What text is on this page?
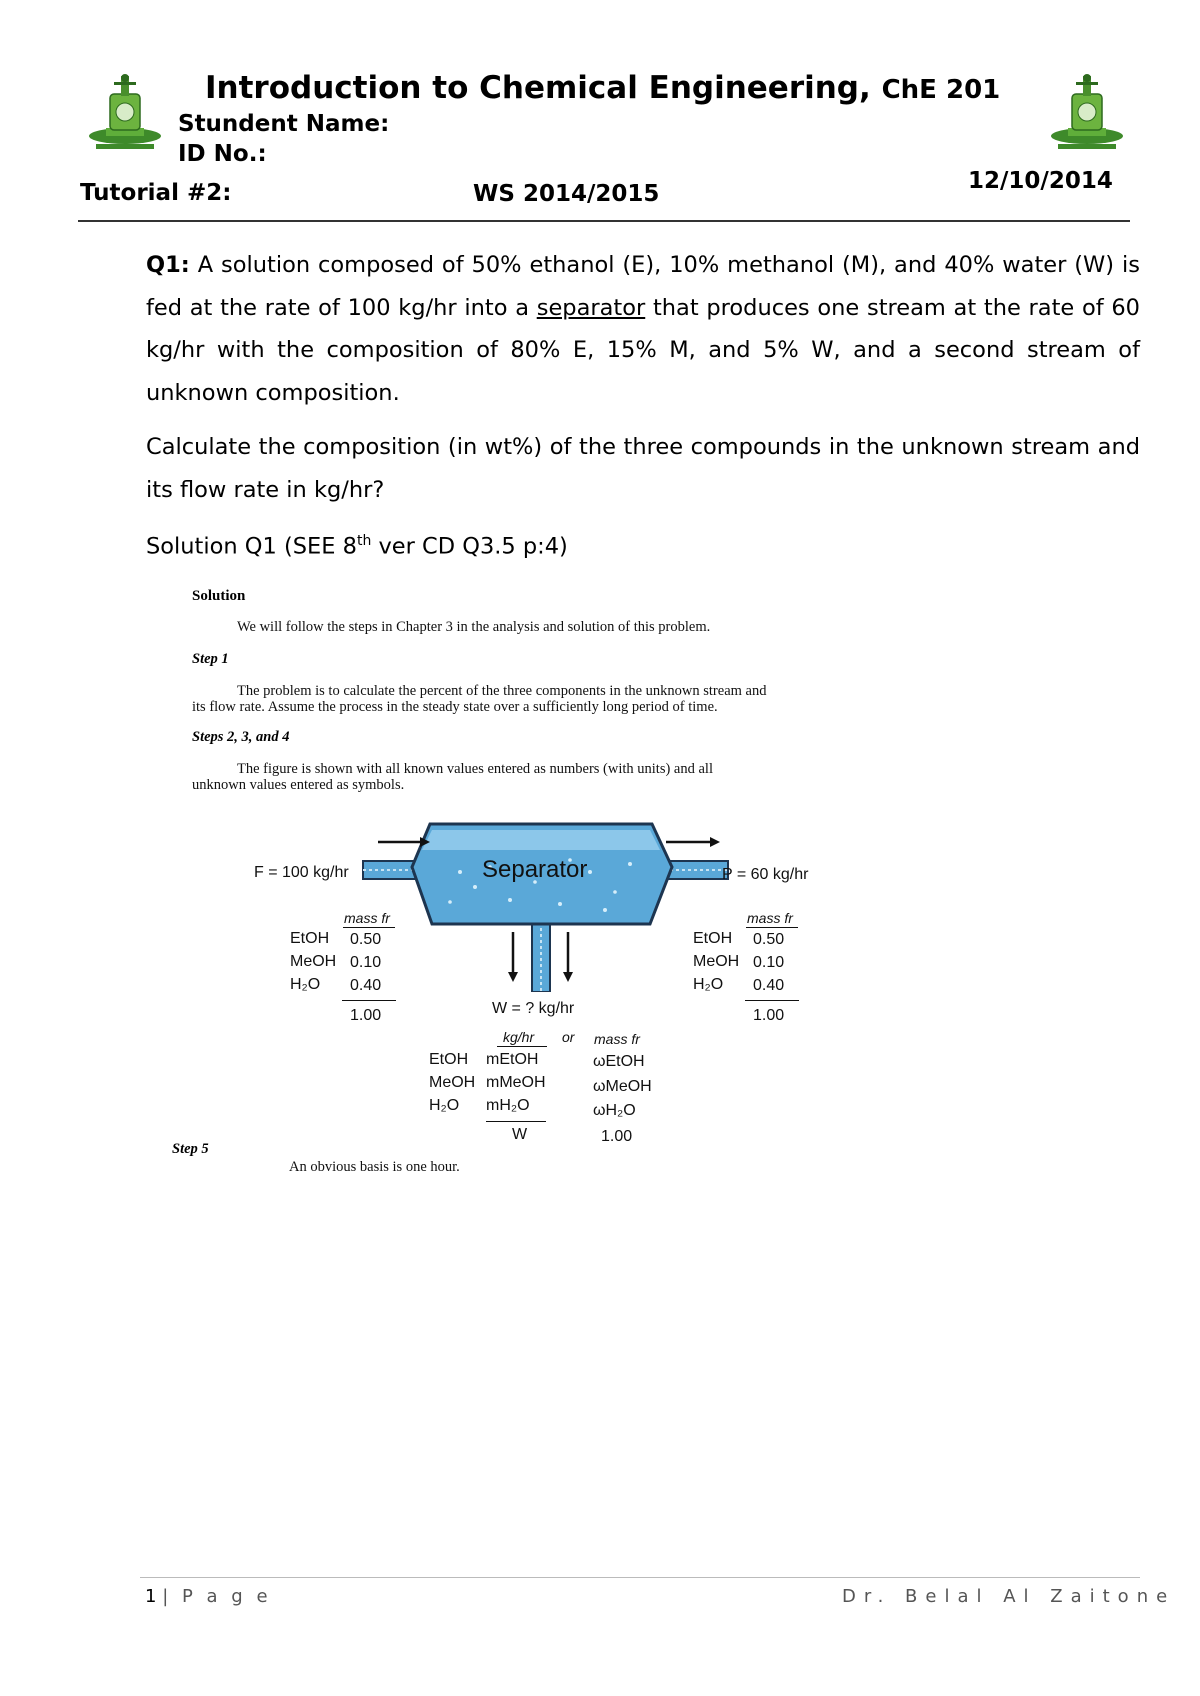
Introduction to Chemical Engineering, ChE 201
Stundent Name:
ID No.:
Tutorial #2:	WS 2014/2015	12/10/2014
Q1: A solution composed of 50% ethanol (E), 10% methanol (M), and 40% water (W) is fed at the rate of 100 kg/hr into a separator that produces one stream at the rate of 60 kg/hr with the composition of 80% E, 15% M, and 5% W, and a second stream of unknown composition.
Calculate the composition (in wt%) of the three compounds in the unknown stream and its flow rate in kg/hr?
Solution Q1 (SEE 8th ver CD Q3.5 p:4)
Solution
We will follow the steps in Chapter 3 in the analysis and solution of this problem.
Step 1
The problem is to calculate the percent of the three components in the unknown stream and
its flow rate. Assume the process in the steady state over a sufficiently long period of time.
Steps 2, 3, and 4
The figure is shown with all known values entered as numbers (with units) and all
unknown values entered as symbols.
Separator
F = 100 kg/hr	P = 60 kg/hr
W = ? kg/hr
mass fr
EtOH 0.50
MeOH 0.10
H₂O 0.40
1.00
mass fr
EtOH 0.50
MeOH 0.10
H₂O 0.40
1.00
kg/hr or mass fr
EtOH mEtOH	ωEtOH
MeOH mMeOH	ωMeOH
H₂O mH₂O	ωH₂O
W	1.00
Step 5
An obvious basis is one hour.
1 | P a g e	Dr. Belal Al Zaitone
